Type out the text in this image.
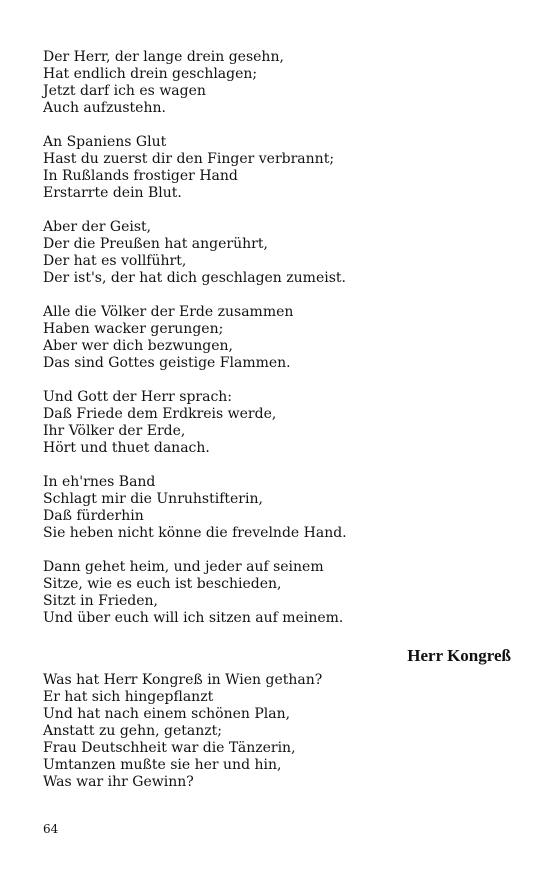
Der Herr, der lange drein gesehn,
Hat endlich drein geschlagen;
Jetzt darf ich es wagen
Auch aufzustehn.
An Spaniens Glut
Hast du zuerst dir den Finger verbrannt;
In Rußlands frostiger Hand
Erstarrte dein Blut.
Aber der Geist,
Der die Preußen hat angerührt,
Der hat es vollführt,
Der ist's, der hat dich geschlagen zumeist.
Alle die Völker der Erde zusammen
Haben wacker gerungen;
Aber wer dich bezwungen,
Das sind Gottes geistige Flammen.
Und Gott der Herr sprach:
Daß Friede dem Erdkreis werde,
Ihr Völker der Erde,
Hört und thuet danach.
In eh'rnes Band
Schlagt mir die Unruhstifterin,
Daß fürderhin
Sie heben nicht könne die frevelnde Hand.
Dann gehet heim, und jeder auf seinem
Sitze, wie es euch ist beschieden,
Sitzt in Frieden,
Und über euch will ich sitzen auf meinem.
Herr Kongreß
Was hat Herr Kongreß in Wien gethan?
Er hat sich hingepflanzt
Und hat nach einem schönen Plan,
Anstatt zu gehn, getanzt;
Frau Deutschheit war die Tänzerin,
Umtanzen mußte sie her und hin,
Was war ihr Gewinn?
64
